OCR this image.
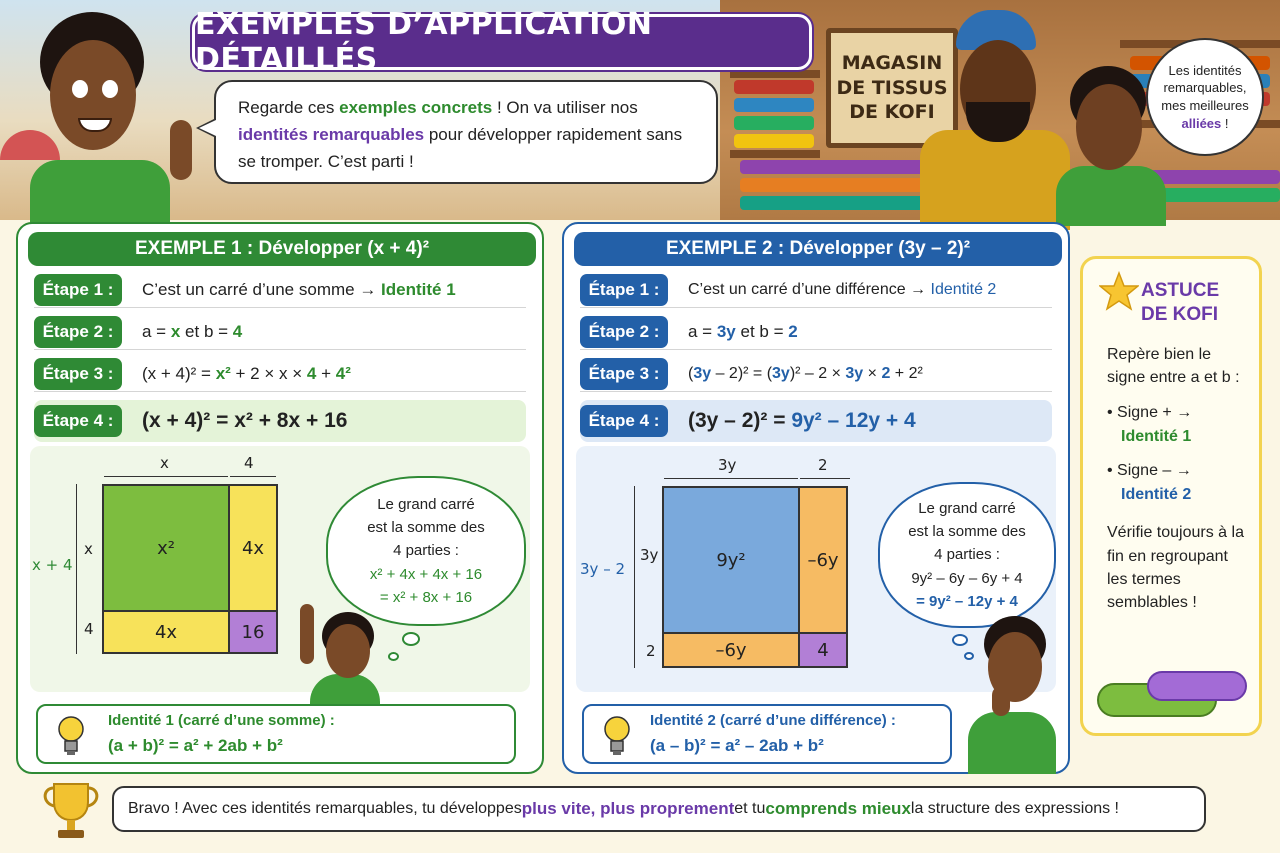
MAGASIN
DE TISSUS
DE KOFI
EXEMPLES D’APPLICATION DÉTAILLÉS
Regarde ces exemples concrets ! On va utiliser nos identités remarquables pour développer rapidement sans se tromper. C’est parti !
Les identités remarquables, mes meilleures alliées !
EXEMPLE 1 : Développer (x + 4)²
Étape 1 :	C’est un carré d’une somme → Identité 1
Étape 2 :	a = x et b = 4
Étape 3 :	(x + 4)² = x² + 2 × x × 4 + 4²
Étape 4 :	(x + 4)² = x² + 8x + 16
x	4
x + 4
x
4
x²	4x
4x	16
Le grand carré
est la somme des
4 parties :
x² + 4x + 4x + 16
= x² + 8x + 16
Identité 1 (carré d’une somme) :
(a + b)² = a² + 2ab + b²
EXEMPLE 2 : Développer (3y – 2)²
Étape 1 :	C’est un carré d’une différence → Identité 2
Étape 2 :	a = 3y et b = 2
Étape 3 :	(3y – 2)² = (3y)² – 2 × 3y × 2 + 2²
Étape 4 :	(3y – 2)² = 9y² – 12y + 4
3y	2
3y – 2
3y
2
9y²	–6y
–6y	4
Le grand carré
est la somme des
4 parties :
9y² – 6y – 6y + 4
= 9y² – 12y + 4
Identité 2 (carré d’une différence) :
(a – b)² = a² – 2ab + b²
ASTUCE
DE KOFI
Repère bien le signe entre a et b :
• Signe + →
Identité 1
• Signe – →
Identité 2
Vérifie toujours à la fin en regroupant les termes semblables !
Bravo ! Avec ces identités remarquables, tu développes plus vite, plus proprement et tu comprends mieux la structure des expressions !
